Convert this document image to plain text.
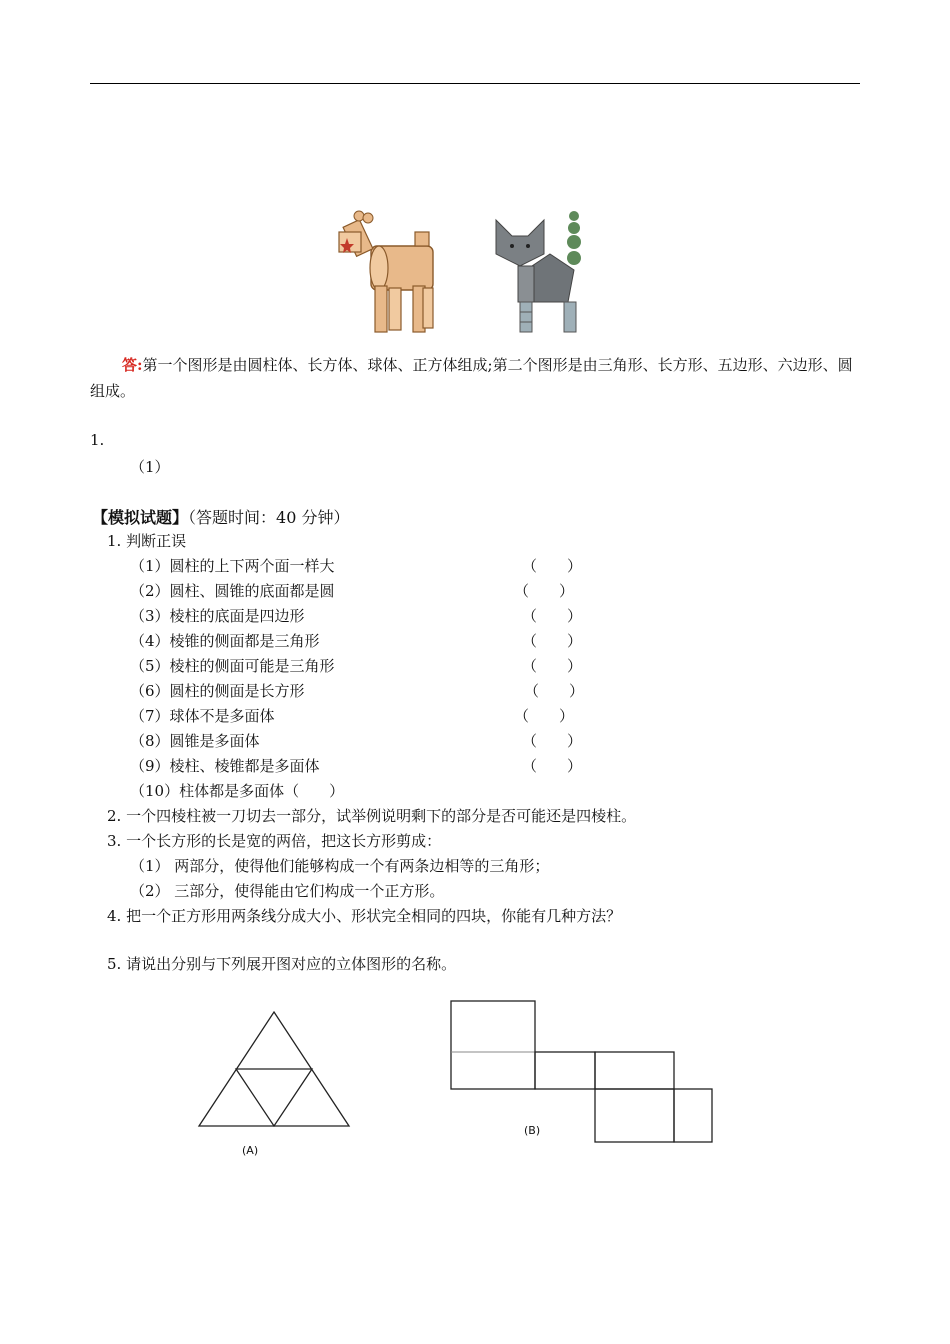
答:第一个图形是由圆柱体、长方体、球体、正方体组成;第二个图形是由三角形、长方形、五边形、六边形、圆组成。
1.
（1）
【模拟试题】（答题时间：40 分钟）
1. 判断正误
（1）圆柱的上下两个面一样大	（　　）
（2）圆柱、圆锥的底面都是圆	（　　）
（3）棱柱的底面是四边形	（　　）
（4）棱锥的侧面都是三角形	（　　）
（5）棱柱的侧面可能是三角形	（　　）
（6）圆柱的侧面是长方形	（　　）
（7）球体不是多面体	（　　）
（8）圆锥是多面体	（　　）
（9）棱柱、棱锥都是多面体	（　　）
（10）柱体都是多面体（　　）
2. 一个四棱柱被一刀切去一部分，试举例说明剩下的部分是否可能还是四棱柱。
3. 一个长方形的长是宽的两倍，把这长方形剪成：
（1） 两部分，使得他们能够构成一个有两条边相等的三角形；
（2） 三部分，使得能由它们构成一个正方形。
4. 把一个正方形用两条线分成大小、形状完全相同的四块，你能有几种方法？
5. 请说出分别与下列展开图对应的立体图形的名称。
(A)
(B)
